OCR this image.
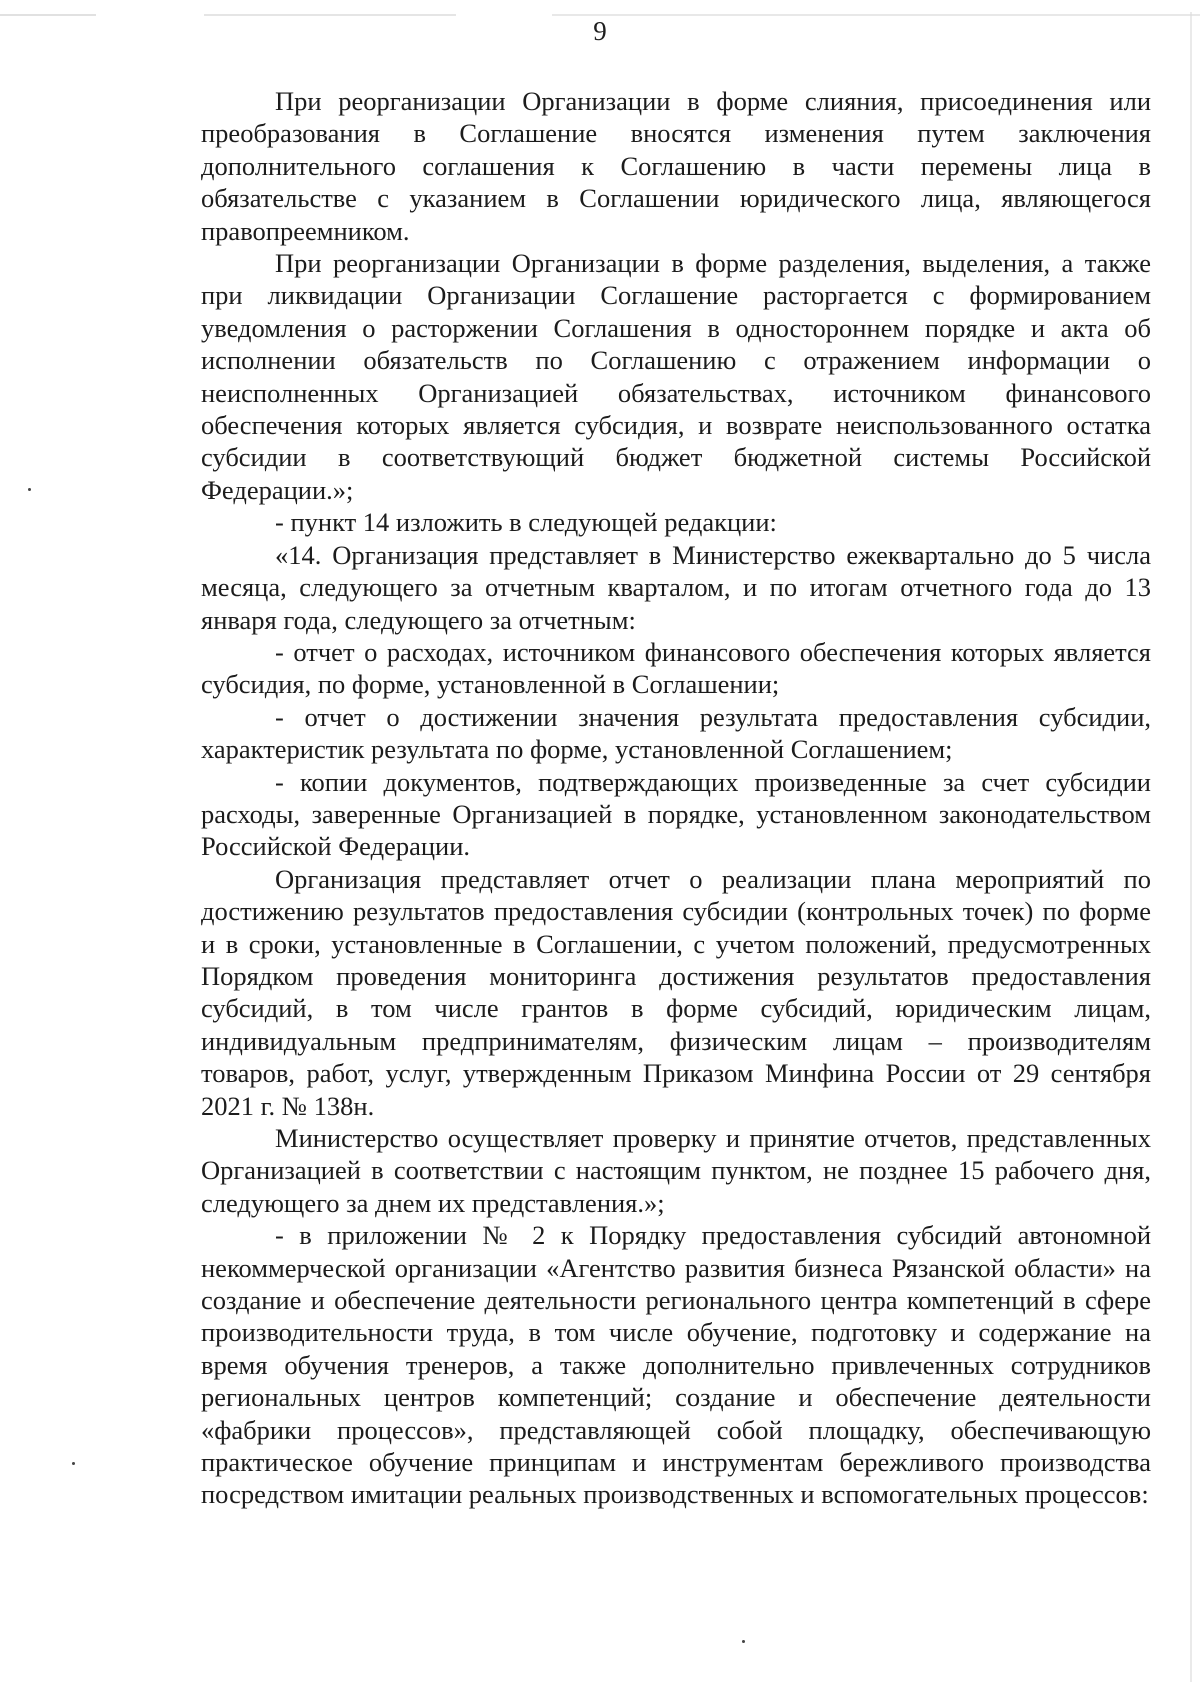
9

При реорганизации Организации в форме слияния, присоединения или преобразования в Соглашение вносятся изменения путем заключения дополнительного соглашения к Соглашению в части перемены лица в обязательстве с указанием в Соглашении юридического лица, являющегося правопреемником.

При реорганизации Организации в форме разделения, выделения, а также при ликвидации Организации Соглашение расторгается с формированием уведомления о расторжении Соглашения в одностороннем порядке и акта об исполнении обязательств по Соглашению с отражением информации о неисполненных Организацией обязательствах, источником финансового обеспечения которых является субсидия, и возврате неиспользованного остатка субсидии в соответствующий бюджет бюджетной системы Российской Федерации.»;

- пункт 14 изложить в следующей редакции:

«14. Организация представляет в Министерство ежеквартально до 5 числа месяца, следующего за отчетным кварталом, и по итогам отчетного года до 13 января года, следующего за отчетным:

- отчет о расходах, источником финансового обеспечения которых является субсидия, по форме, установленной в Соглашении;

- отчет о достижении значения результата предоставления субсидии, характеристик результата по форме, установленной Соглашением;

- копии документов, подтверждающих произведенные за счет субсидии расходы, заверенные Организацией в порядке, установленном законодательством Российской Федерации.

Организация представляет отчет о реализации плана мероприятий по достижению результатов предоставления субсидии (контрольных точек) по форме и в сроки, установленные в Соглашении, с учетом положений, предусмотренных Порядком проведения мониторинга достижения результатов предоставления субсидий, в том числе грантов в форме субсидий, юридическим лицам, индивидуальным предпринимателям, физическим лицам – производителям товаров, работ, услуг, утвержденным Приказом Минфина России от 29 сентября 2021 г. № 138н.

Министерство осуществляет проверку и принятие отчетов, представленных Организацией в соответствии с настоящим пунктом, не позднее 15 рабочего дня, следующего за днем их представления.»;

- в приложении № 2 к Порядку предоставления субсидий автономной некоммерческой организации «Агентство развития бизнеса Рязанской области» на создание и обеспечение деятельности регионального центра компетенций в сфере производительности труда, в том числе обучение, подготовку и содержание на время обучения тренеров, а также дополнительно привлеченных сотрудников региональных центров компетенций; создание и обеспечение деятельности «фабрики процессов», представляющей собой площадку, обеспечивающую практическое обучение принципам и инструментам бережливого производства посредством имитации реальных производственных и вспомогательных процессов:
